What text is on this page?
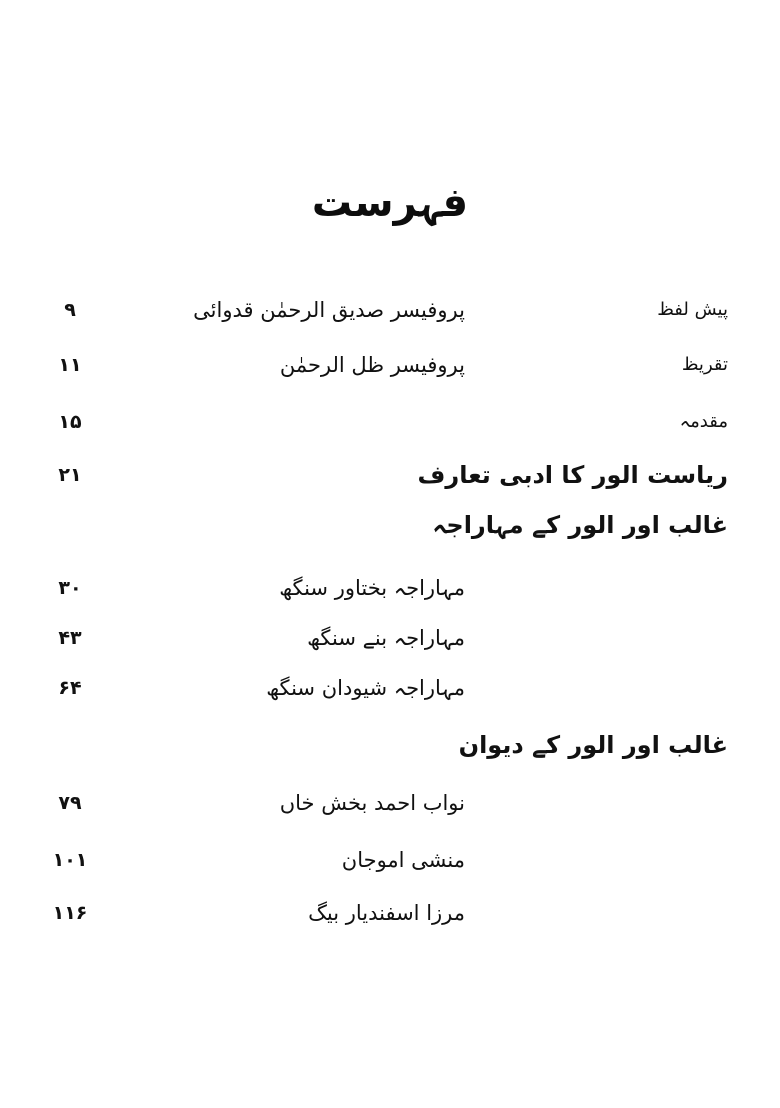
فہرست
پیش لفظ
پروفیسر صدیق الرحمٰن قدوائی
۹
تقریظ
پروفیسر ظل الرحمٰن
۱۱
مقدمہ
۱۵
ریاست الور کا ادبی تعارف
۲۱
غالب اور الور کے مہاراجہ
مہاراجہ بختاور سنگھ
۳۰
مہاراجہ بنے سنگھ
۴۳
مہاراجہ شیودان سنگھ
۶۴
غالب اور الور کے دیوان
نواب احمد بخش خاں
۷۹
منشی اموجان
۱۰۱
مرزا اسفندیار بیگ
۱۱۶
